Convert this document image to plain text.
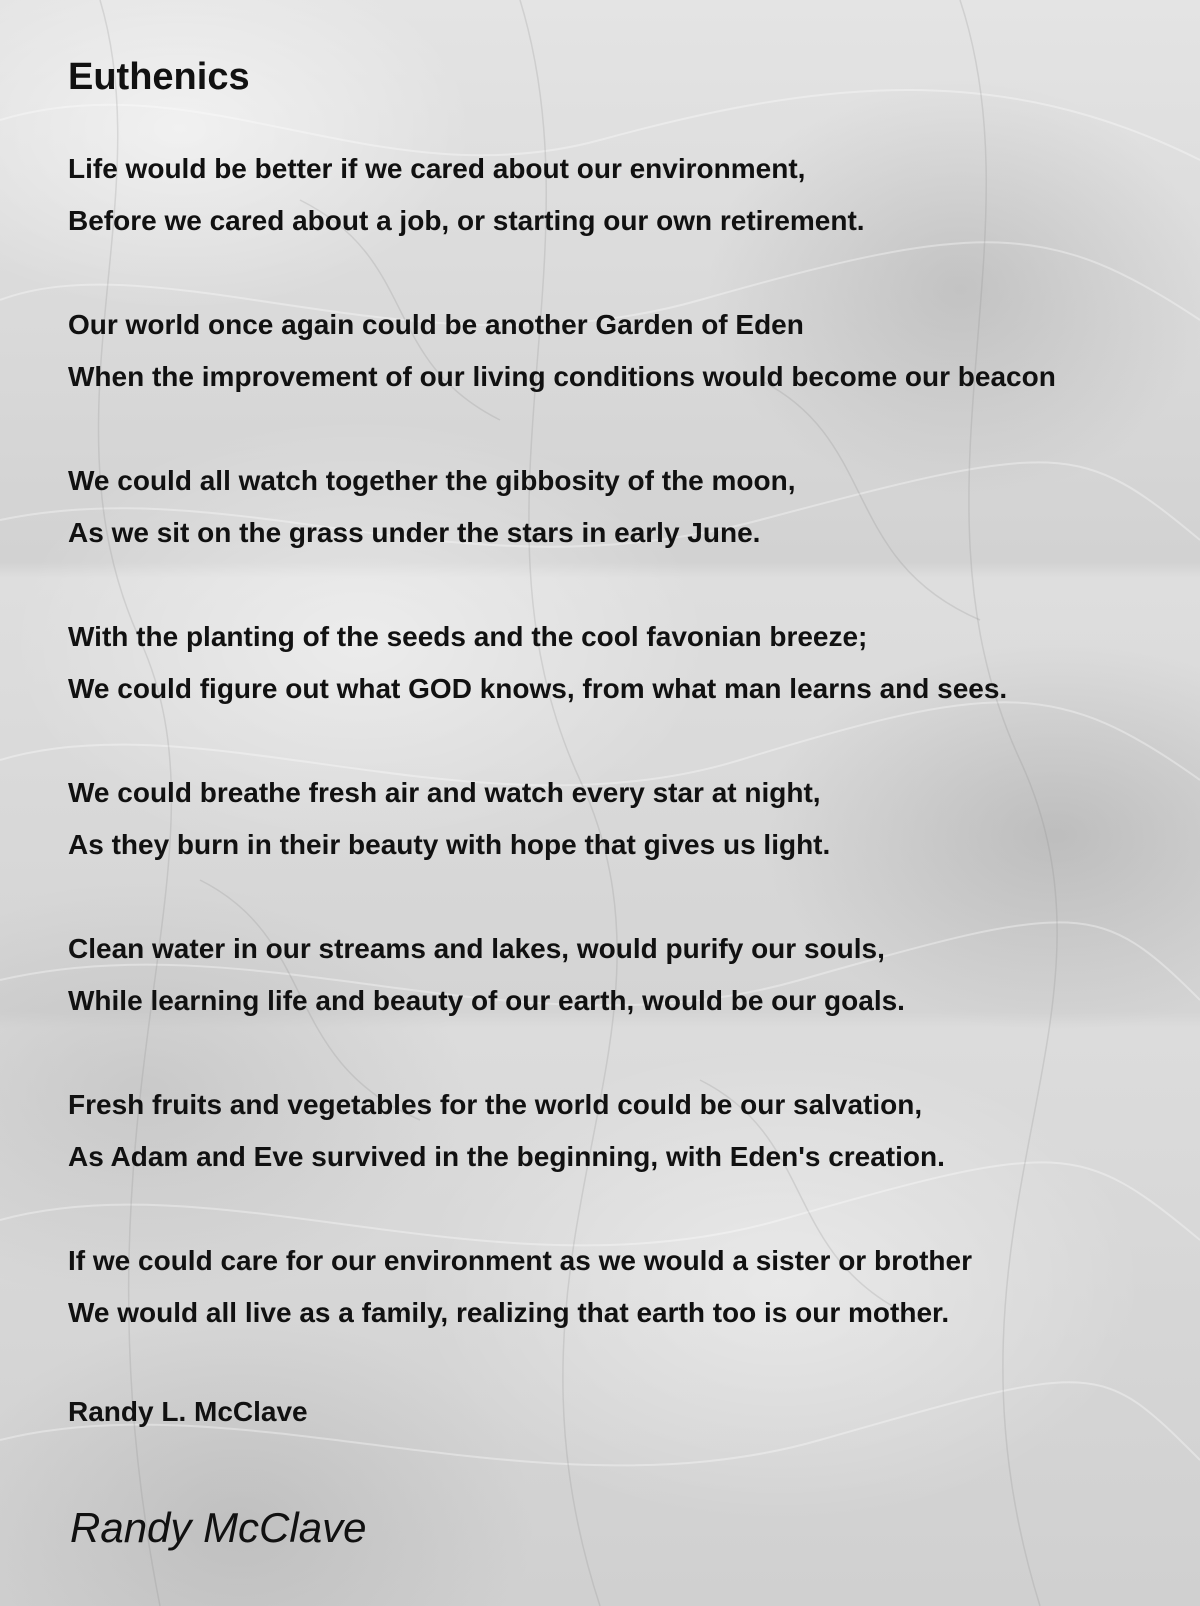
Euthenics
Life would be better if we cared about our environment,
Before we cared about a job, or starting our own retirement.
Our world once again could be another Garden of Eden
When the improvement of our living conditions would become our beacon
We could all watch together the gibbosity of the moon,
As we sit on the grass under the stars in early June.
With the planting of the seeds and the cool favonian breeze;
We could figure out what GOD knows, from what man learns and sees.
We could breathe fresh air and watch every star at night,
As they burn in their beauty with hope that gives us light.
Clean water in our streams and lakes, would purify our souls,
While learning life and beauty of our earth, would be our goals.
Fresh fruits and vegetables for the world could be our salvation,
As Adam and Eve survived in the beginning, with Eden's creation.
If we could care for our environment as we would a sister or brother
We would all live as a family, realizing that earth too is our mother.
Randy L. McClave
Randy McClave
